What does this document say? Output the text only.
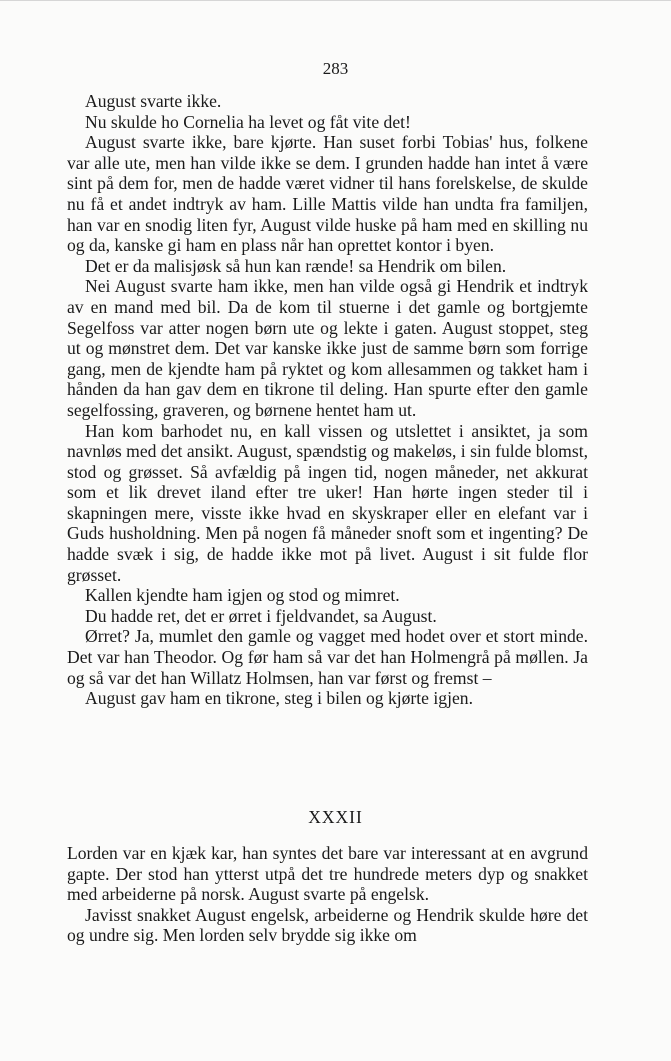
283

August svarte ikke.

Nu skulde ho Cornelia ha levet og fåt vite det!

August svarte ikke, bare kjørte. Han suset forbi Tobias' hus, folkene var alle ute, men han vilde ikke se dem. I grunden hadde han intet å være sint på dem for, men de hadde været vidner til hans forelskelse, de skulde nu få et andet indtryk av ham. Lille Mattis vilde han undta fra familjen, han var en snodig liten fyr, August vilde huske på ham med en skilling nu og da, kanske gi ham en plass når han oprettet kontor i byen.

Det er da malisjøsk så hun kan rænde! sa Hendrik om bilen.

Nei August svarte ham ikke, men han vilde også gi Hendrik et indtryk av en mand med bil. Da de kom til stuerne i det gamle og bortgjemte Segelfoss var atter nogen børn ute og lekte i gaten. August stoppet, steg ut og mønstret dem. Det var kanske ikke just de samme børn som forrige gang, men de kjendte ham på ryktet og kom allesammen og takket ham i hånden da han gav dem en tikrone til deling. Han spurte efter den gamle segelfossing, graveren, og børnene hentet ham ut.

Han kom barhodet nu, en kall vissen og utslettet i ansiktet, ja som navnløs med det ansikt. August, spændstig og makeløs, i sin fulde blomst, stod og grøsset. Så avfældig på ingen tid, nogen måneder, net akkurat som et lik drevet iland efter tre uker! Han hørte ingen steder til i skapningen mere, visste ikke hvad en skyskraper eller en elefant var i Guds husholdning. Men på nogen få måneder snoft som et ingenting? De hadde svæk i sig, de hadde ikke mot på livet. August i sit fulde flor grøsset.

Kallen kjendte ham igjen og stod og mimret.

Du hadde ret, det er ørret i fjeldvandet, sa August.

Ørret? Ja, mumlet den gamle og vagget med hodet over et stort minde. Det var han Theodor. Og før ham så var det han Holmengrå på møllen. Ja og så var det han Willatz Holmsen, han var først og fremst –

August gav ham en tikrone, steg i bilen og kjørte igjen.

XXXII

Lorden var en kjæk kar, han syntes det bare var interessant at en avgrund gapte. Der stod han ytterst utpå det tre hundrede meters dyp og snakket med arbeiderne på norsk. August svarte på engelsk.

Javisst snakket August engelsk, arbeiderne og Hendrik skulde høre det og undre sig. Men lorden selv brydde sig ikke om
